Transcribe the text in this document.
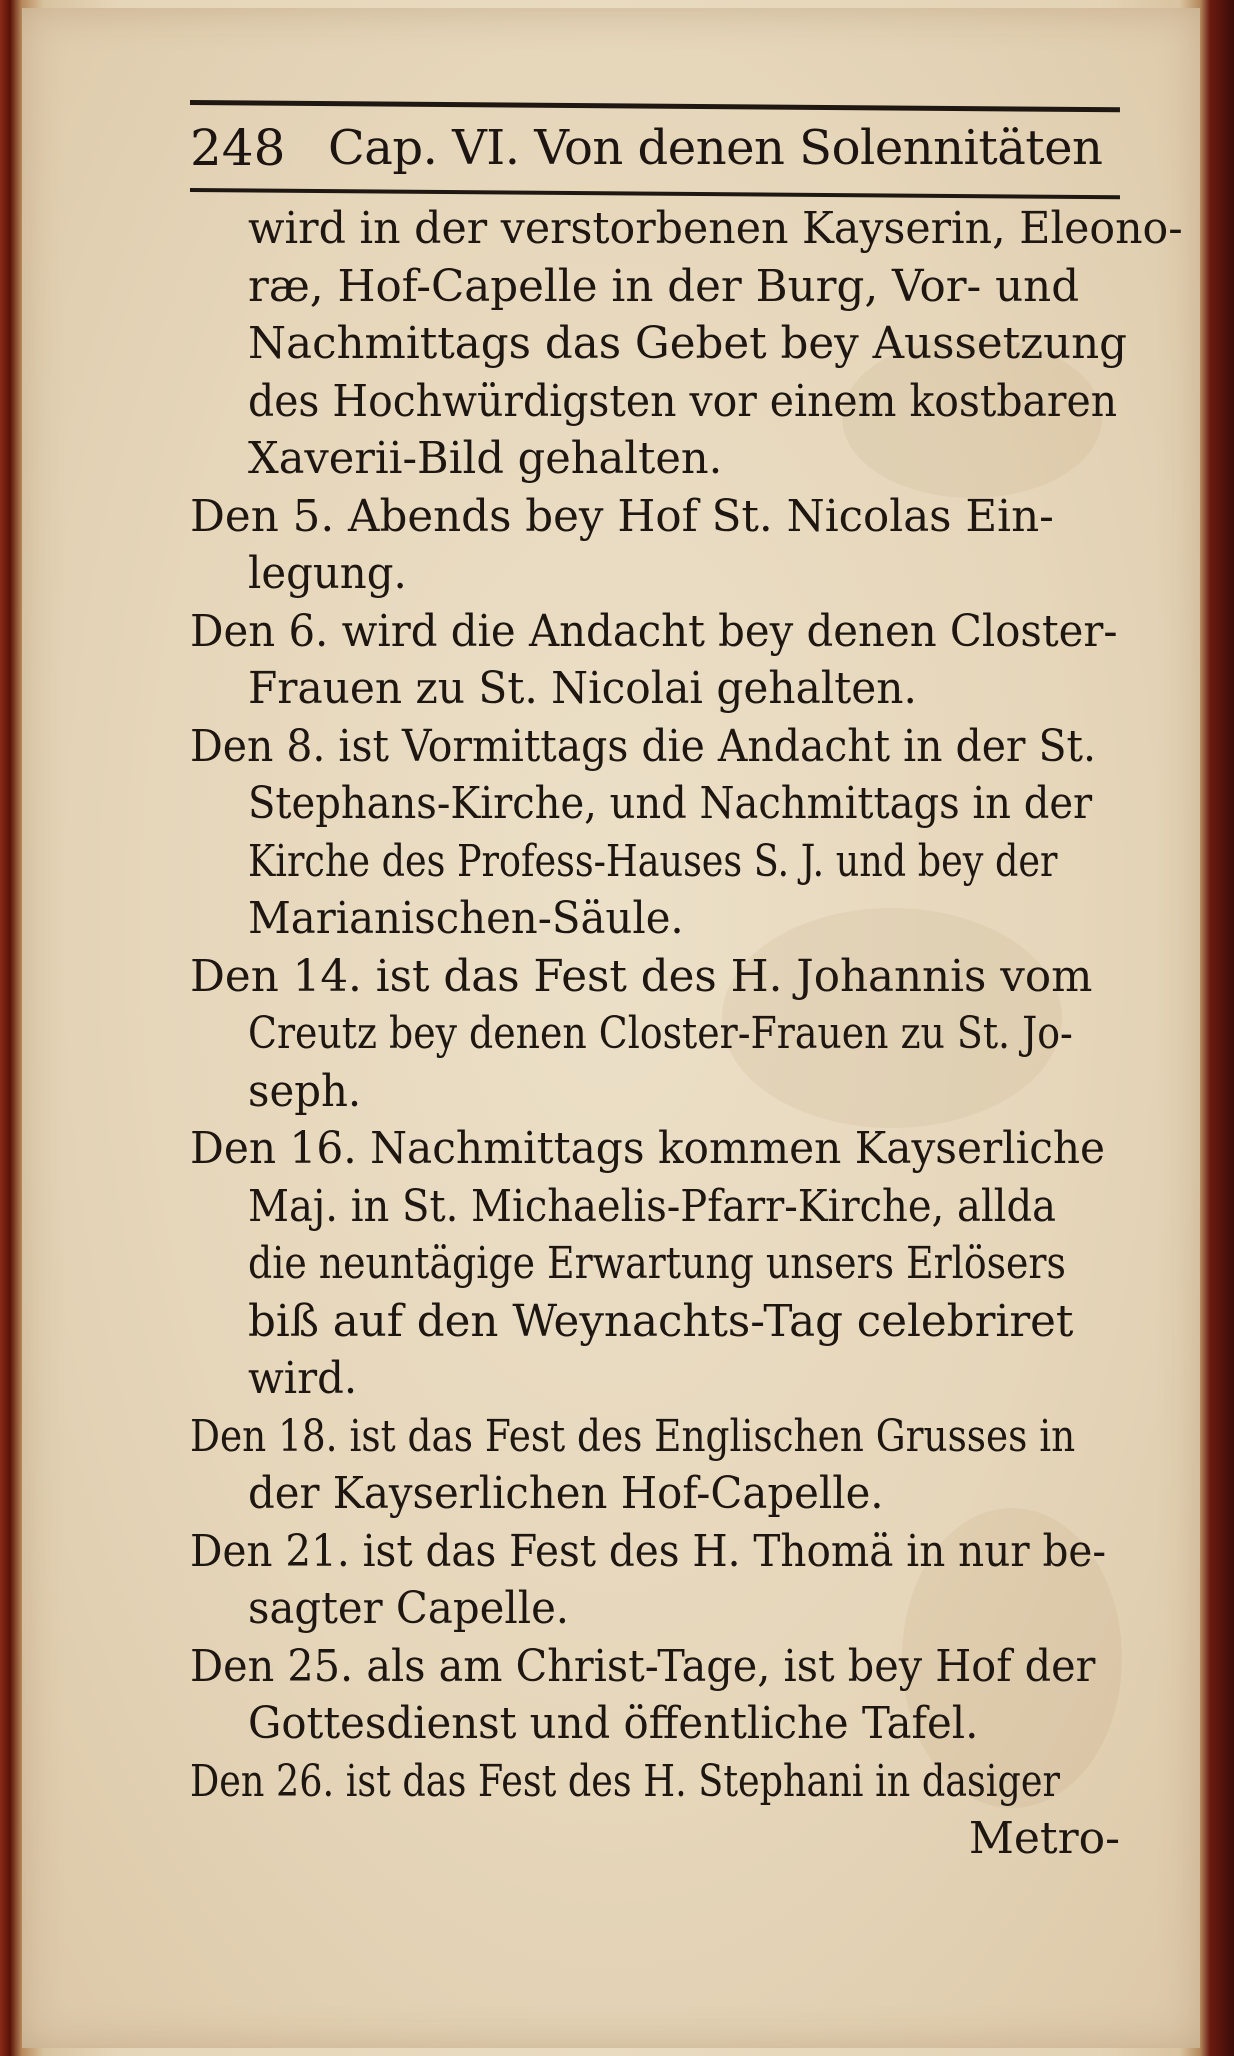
248 Cap. VI. Von denen Solennitäten
wird in der verstorbenen Kayserin, Eleono-
ræ, Hof-Capelle in der Burg, Vor- und
Nachmittags das Gebet bey Aussetzung
des Hochwürdigsten vor einem kostbaren
Xaverii-Bild gehalten.
Den 5. Abends bey Hof St. Nicolas Ein-
legung.
Den 6. wird die Andacht bey denen Closter-
Frauen zu St. Nicolai gehalten.
Den 8. ist Vormittags die Andacht in der St.
Stephans-Kirche, und Nachmittags in der
Kirche des Profess-Hauses S. J. und bey der
Marianischen-Säule.
Den 14. ist das Fest des H. Johannis vom
Creutz bey denen Closter-Frauen zu St. Jo-
seph.
Den 16. Nachmittags kommen Kayserliche
Maj. in St. Michaelis-Pfarr-Kirche, allda
die neuntägige Erwartung unsers Erlösers
biß auf den Weynachts-Tag celebriret
wird.
Den 18. ist das Fest des Englischen Grusses in
der Kayserlichen Hof-Capelle.
Den 21. ist das Fest des H. Thomä in nur be-
sagter Capelle.
Den 25. als am Christ-Tage, ist bey Hof der
Gottesdienst und öffentliche Tafel.
Den 26. ist das Fest des H. Stephani in dasiger
Metro-
